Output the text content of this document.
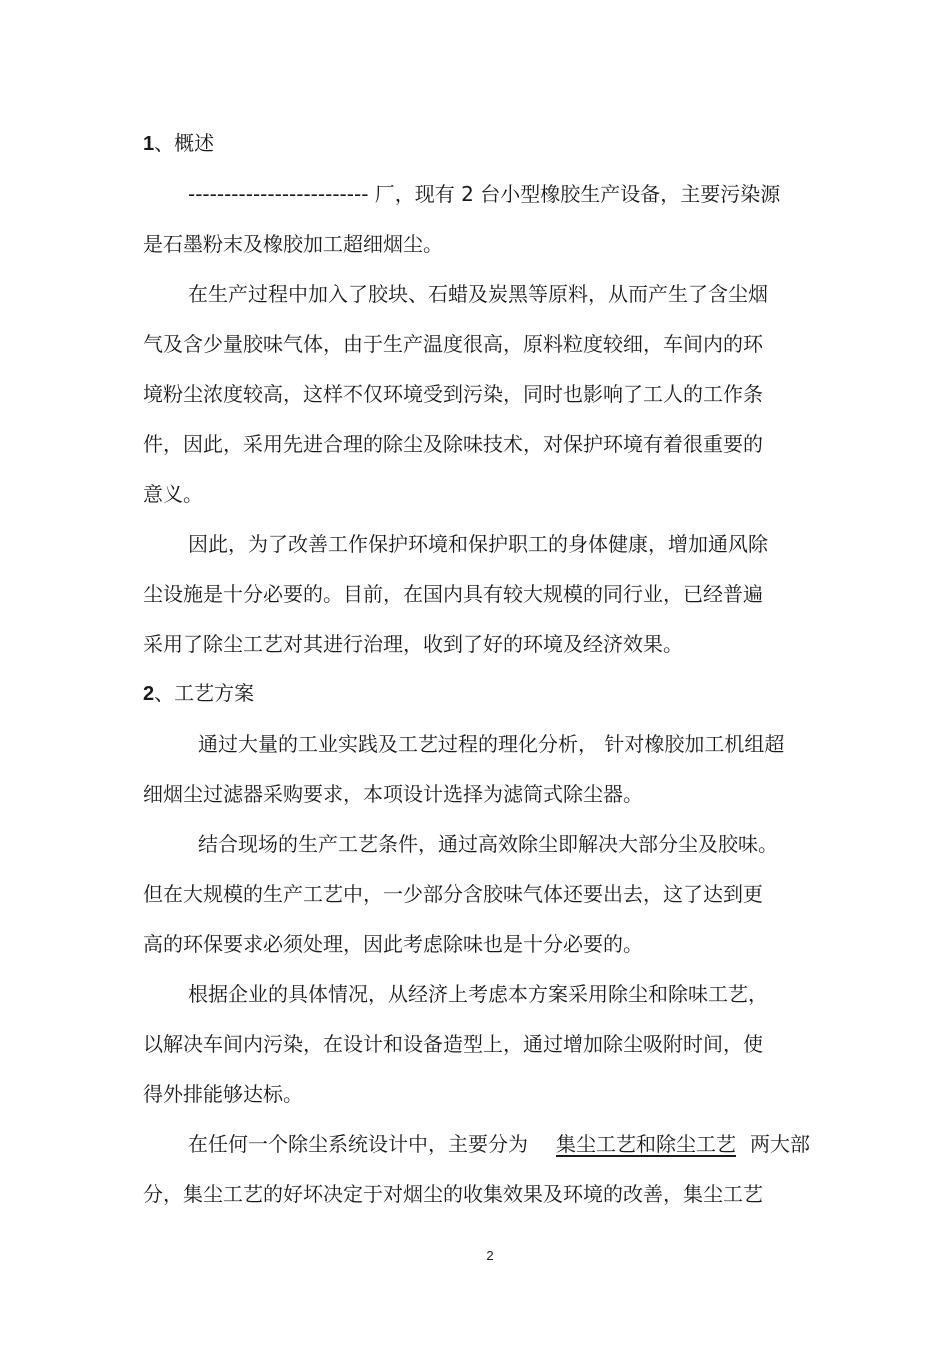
1、概述

------------------------- 厂，现有 2 台小型橡胶生产设备，主要污染源

是石墨粉末及橡胶加工超细烟尘。

在生产过程中加入了胶块、石蜡及炭黑等原料，从而产生了含尘烟

气及含少量胶味气体，由于生产温度很高，原料粒度较细，车间内的环

境粉尘浓度较高，这样不仅环境受到污染，同时也影响了工人的工作条

件，因此，采用先进合理的除尘及除味技术，对保护环境有着很重要的

意义。

因此，为了改善工作保护环境和保护职工的身体健康，增加通风除

尘设施是十分必要的。目前，在国内具有较大规模的同行业，已经普遍

采用了除尘工艺对其进行治理，收到了好的环境及经济效果。

2、工艺方案

通过大量的工业实践及工艺过程的理化分析， 针对橡胶加工机组超

细烟尘过滤器采购要求，本项设计选择为滤筒式除尘器。

结合现场的生产工艺条件，通过高效除尘即解决大部分尘及胶味。

但在大规模的生产工艺中，一少部分含胶味气体还要出去，这了达到更

高的环保要求必须处理，因此考虑除味也是十分必要的。

根据企业的具体情况，从经济上考虑本方案采用除尘和除味工艺，

以解决车间内污染，在设计和设备造型上，通过增加除尘吸附时间，使

得外排能够达标。

在任何一个除尘系统设计中，主要分为 集尘工艺和除尘工艺 两大部

分，集尘工艺的好坏决定于对烟尘的收集效果及环境的改善，集尘工艺

2
